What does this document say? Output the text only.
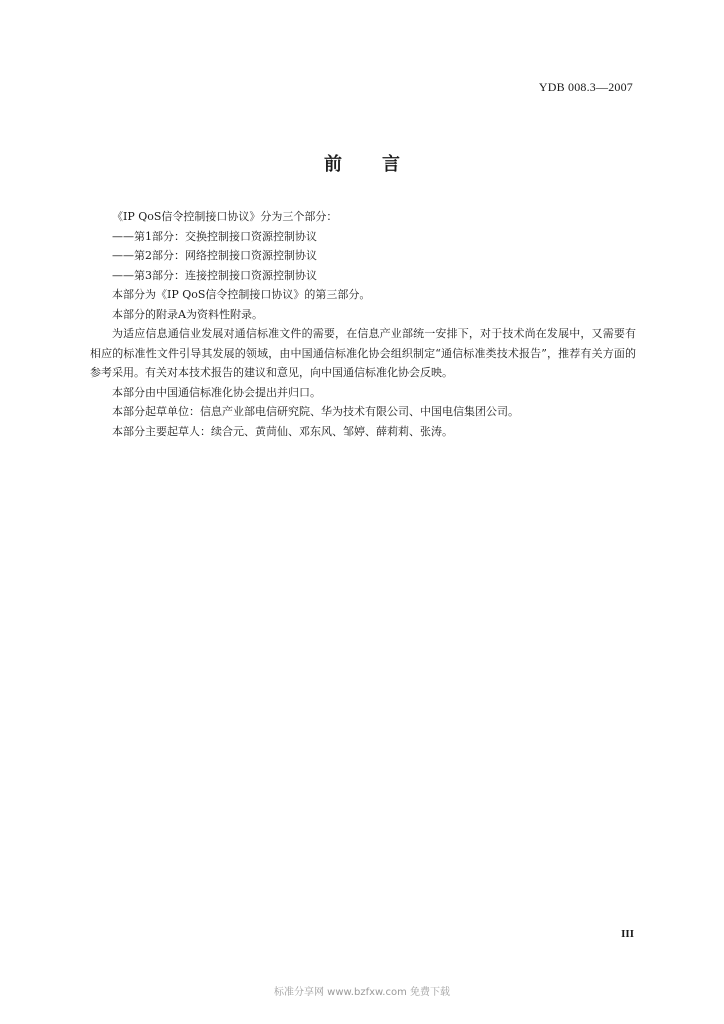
YDB 008.3—2007
前言

《IP QoS信令控制接口协议》分为三个部分：

——第1部分：交换控制接口资源控制协议

——第2部分：网络控制接口资源控制协议

——第3部分：连接控制接口资源控制协议

本部分为《IP QoS信令控制接口协议》的第三部分。

本部分的附录A为资料性附录。

为适应信息通信业发展对通信标准文件的需要，在信息产业部统一安排下，对于技术尚在发展中，又需要有相应的标准性文件引导其发展的领域，由中国通信标准化协会组织制定“通信标准类技术报告”，推荐有关方面的参考采用。有关对本技术报告的建议和意见，向中国通信标准化协会反映。

本部分由中国通信标准化协会提出并归口。

本部分起草单位：信息产业部电信研究院、华为技术有限公司、中国电信集团公司。

本部分主要起草人：续合元、黄苘仙、邓东风、邹婷、薛莉莉、张涛。

III
标准分享网 www.bzfxw.com 免费下载
